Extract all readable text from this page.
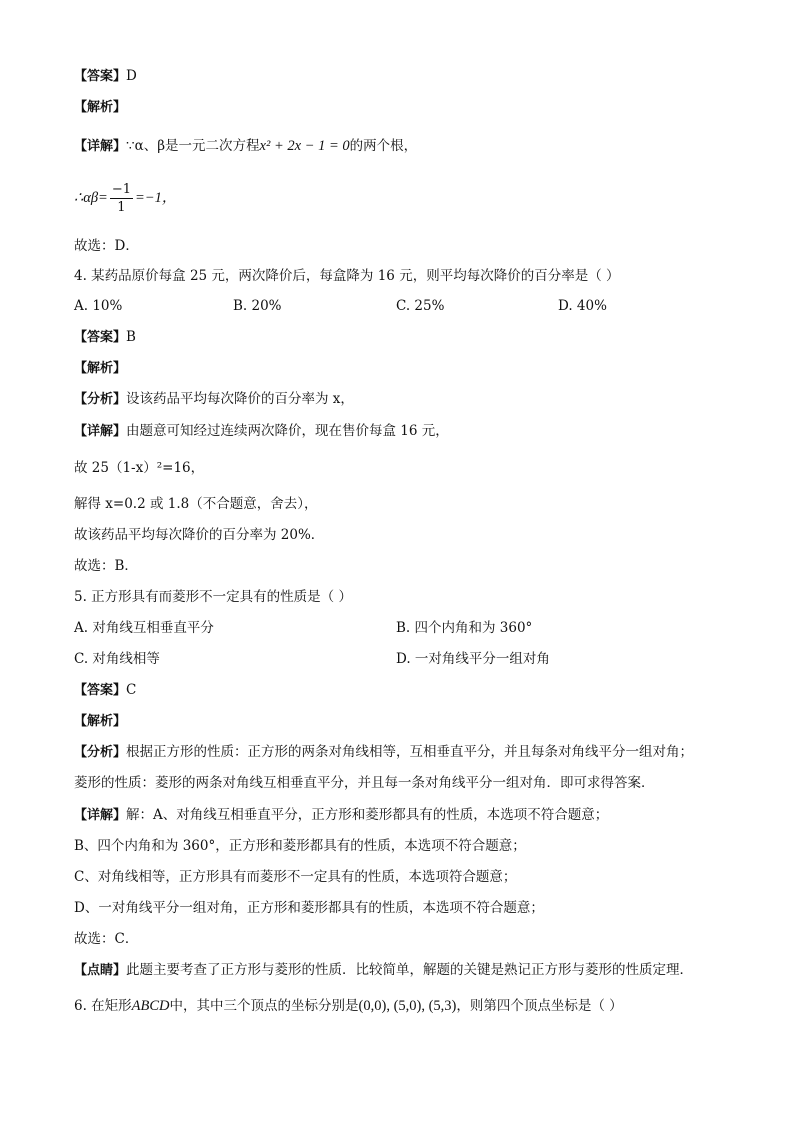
【答案】D
【解析】
【详解】∵α、β是一元二次方程x² + 2x − 1 = 0的两个根，
∴αβ= $\frac{-1}{1} =-1$，
故选：D．
4. 某药品原价每盒 25 元，两次降价后，每盒降为 16 元，则平均每次降价的百分率是（ ）
A. 10%	B. 20%	C. 25%	D. 40%
【答案】B
【解析】
【分析】设该药品平均每次降价的百分率为 x，
【详解】由题意可知经过连续两次降价，现在售价每盒 16 元，
故 25（1-x）²=16，
解得 x=0.2 或 1.8（不合题意，舍去），
故该药品平均每次降价的百分率为 20%．
故选：B．
5. 正方形具有而菱形不一定具有的性质是（ ）
A. 对角线互相垂直平分	B. 四个内角和为 360°
C. 对角线相等	D. 一对角线平分一组对角
【答案】C
【解析】
【分析】根据正方形的性质：正方形的两条对角线相等，互相垂直平分，并且每条对角线平分一组对角；
菱形的性质：菱形的两条对角线互相垂直平分，并且每一条对角线平分一组对角．即可求得答案．
【详解】解：A、对角线互相垂直平分，正方形和菱形都具有的性质，本选项不符合题意；
B、四个内角和为 360°，正方形和菱形都具有的性质，本选项不符合题意；
C、对角线相等，正方形具有而菱形不一定具有的性质，本选项符合题意；
D、一对角线平分一组对角，正方形和菱形都具有的性质，本选项不符合题意；
故选：C．
【点睛】此题主要考查了正方形与菱形的性质．比较简单，解题的关键是熟记正方形与菱形的性质定理．
6. 在矩形ABCD中，其中三个顶点的坐标分别是(0,0), (5,0), (5,3)，则第四个顶点坐标是（ ）
